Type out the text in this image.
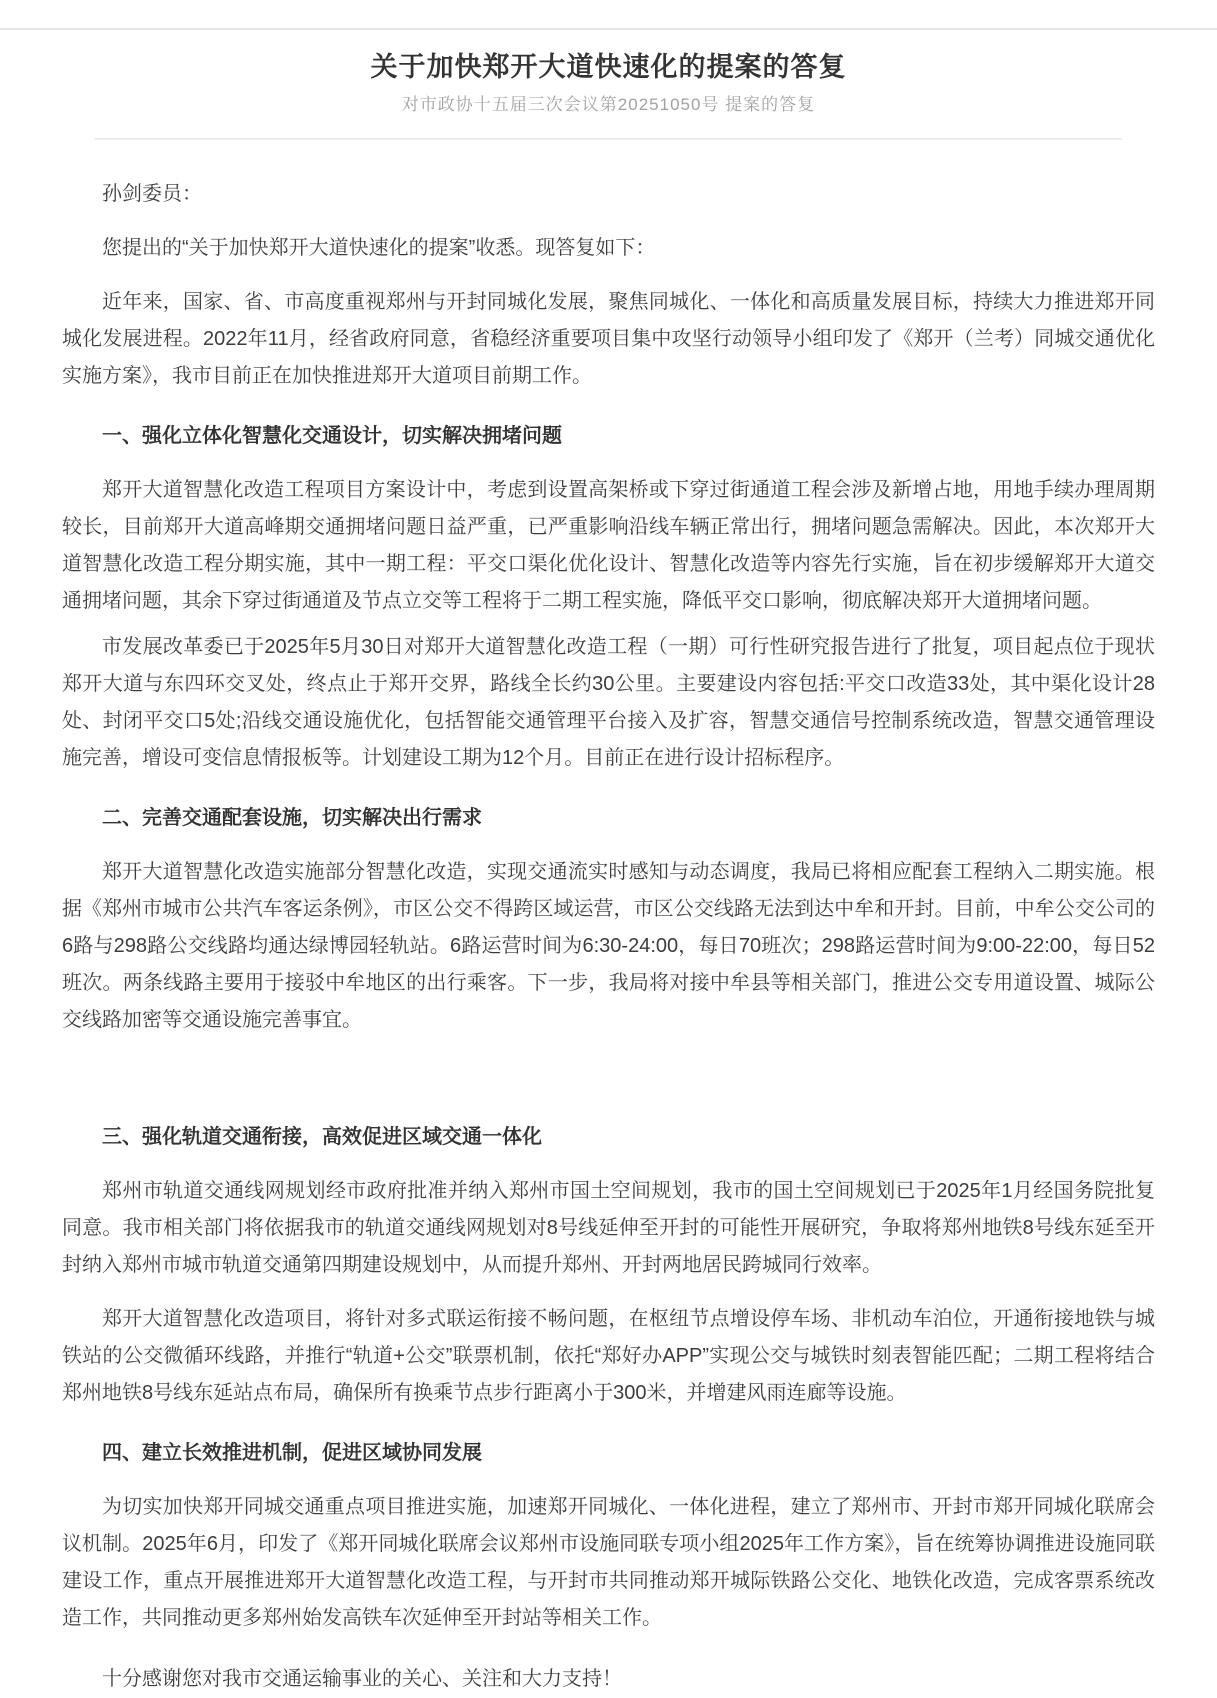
关于加快郑开大道快速化的提案的答复
对市政协十五届三次会议第20251050号 提案的答复

孙剑委员：

您提出的“关于加快郑开大道快速化的提案”收悉。现答复如下：

近年来，国家、省、市高度重视郑州与开封同城化发展，聚焦同城化、一体化和高质量发展目标，持续大力推进郑开同城化发展进程。2022年11月，经省政府同意，省稳经济重要项目集中攻坚行动领导小组印发了《郑开（兰考）同城交通优化实施方案》，我市目前正在加快推进郑开大道项目前期工作。

一、强化立体化智慧化交通设计，切实解决拥堵问题

郑开大道智慧化改造工程项目方案设计中，考虑到设置高架桥或下穿过街通道工程会涉及新增占地，用地手续办理周期较长，目前郑开大道高峰期交通拥堵问题日益严重，已严重影响沿线车辆正常出行，拥堵问题急需解决。因此，本次郑开大道智慧化改造工程分期实施，其中一期工程：平交口渠化优化设计、智慧化改造等内容先行实施，旨在初步缓解郑开大道交通拥堵问题，其余下穿过街通道及节点立交等工程将于二期工程实施，降低平交口影响，彻底解决郑开大道拥堵问题。

市发展改革委已于2025年5月30日对郑开大道智慧化改造工程（一期）可行性研究报告进行了批复，项目起点位于现状郑开大道与东四环交叉处，终点止于郑开交界，路线全长约30公里。主要建设内容包括:平交口改造33处，其中渠化设计28处、封闭平交口5处;沿线交通设施优化，包括智能交通管理平台接入及扩容，智慧交通信号控制系统改造，智慧交通管理设施完善，增设可变信息情报板等。计划建设工期为12个月。目前正在进行设计招标程序。

二、完善交通配套设施，切实解决出行需求

郑开大道智慧化改造实施部分智慧化改造，实现交通流实时感知与动态调度，我局已将相应配套工程纳入二期实施。根据《郑州市城市公共汽车客运条例》，市区公交不得跨区域运营，市区公交线路无法到达中牟和开封。目前，中牟公交公司的6路与298路公交线路均通达绿博园轻轨站。6路运营时间为6:30-24:00，每日70班次；298路运营时间为9:00-22:00，每日52班次。两条线路主要用于接驳中牟地区的出行乘客。下一步，我局将对接中牟县等相关部门，推进公交专用道设置、城际公交线路加密等交通设施完善事宜。

三、强化轨道交通衔接，高效促进区域交通一体化

郑州市轨道交通线网规划经市政府批准并纳入郑州市国土空间规划，我市的国土空间规划已于2025年1月经国务院批复同意。我市相关部门将依据我市的轨道交通线网规划对8号线延伸至开封的可能性开展研究，争取将郑州地铁8号线东延至开封纳入郑州市城市轨道交通第四期建设规划中，从而提升郑州、开封两地居民跨城同行效率。

郑开大道智慧化改造项目，将针对多式联运衔接不畅问题，在枢纽节点增设停车场、非机动车泊位，开通衔接地铁与城铁站的公交微循环线路，并推行“轨道+公交”联票机制，依托“郑好办APP”实现公交与城铁时刻表智能匹配；二期工程将结合郑州地铁8号线东延站点布局，确保所有换乘节点步行距离小于300米，并增建风雨连廊等设施。

四、建立长效推进机制，促进区域协同发展

为切实加快郑开同城交通重点项目推进实施，加速郑开同城化、一体化进程，建立了郑州市、开封市郑开同城化联席会议机制。2025年6月，印发了《郑开同城化联席会议郑州市设施同联专项小组2025年工作方案》，旨在统筹协调推进设施同联建设工作，重点开展推进郑开大道智慧化改造工程，与开封市共同推动郑开城际铁路公交化、地铁化改造，完成客票系统改造工作，共同推动更多郑州始发高铁车次延伸至开封站等相关工作。

十分感谢您对我市交通运输事业的关心、关注和大力支持！
